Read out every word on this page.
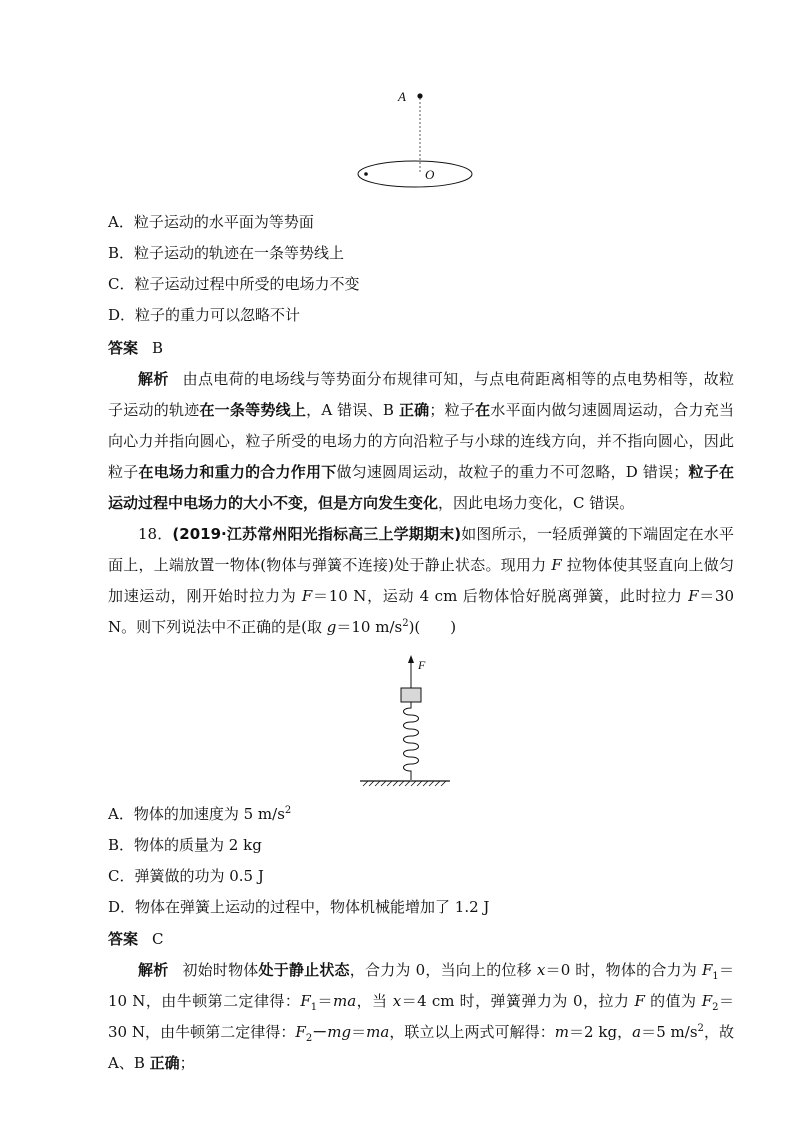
A
O
A．粒子运动的水平面为等势面
B．粒子运动的轨迹在一条等势线上
C．粒子运动过程中所受的电场力不变
D．粒子的重力可以忽略不计
答案 B
解析 由点电荷的电场线与等势面分布规律可知，与点电荷距离相等的点电势相等，故粒子运动的轨迹在一条等势线上，A 错误、B 正确；粒子在水平面内做匀速圆周运动，合力充当向心力并指向圆心，粒子所受的电场力的方向沿粒子与小球的连线方向，并不指向圆心，因此粒子在电场力和重力的合力作用下做匀速圆周运动，故粒子的重力不可忽略，D 错误；粒子在运动过程中电场力的大小不变，但是方向发生变化，因此电场力变化，C 错误。
18．(2019·江苏常州阳光指标高三上学期期末)如图所示，一轻质弹簧的下端固定在水平面上，上端放置一物体(物体与弹簧不连接)处于静止状态。现用力 F 拉物体使其竖直向上做匀加速运动，刚开始时拉力为 F＝10 N，运动 4 cm 后物体恰好脱离弹簧，此时拉力 F＝30 N。则下列说法中不正确的是(取 g＝10 $m/s^2$)(　　)
F
A．物体的加速度为 5 $m/s^2$
B．物体的质量为 2 kg
C．弹簧做的功为 0.5 J
D．物体在弹簧上运动的过程中，物体机械能增加了 1.2 J
答案 C
解析 初始时物体处于静止状态，合力为 0，当向上的位移 x＝0 时，物体的合力为 $F_1=10$ N，由牛顿第二定律得：$F_1=ma$，当 x＝4 cm 时，弹簧弹力为 0，拉力 F 的值为 $F_2=30$ N，由牛顿第二定律得：$F_2-mg=ma$，联立以上两式可解得：m＝2 kg，a＝5 $m/s^2$，故 A、B 正确；
